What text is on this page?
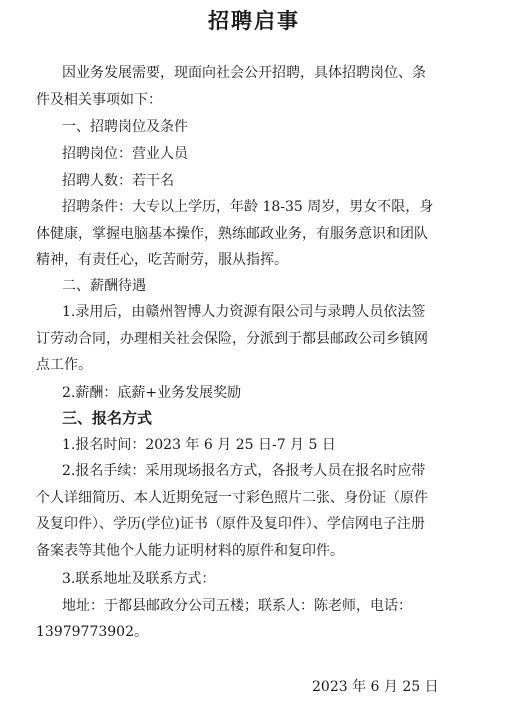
招聘启事
因业务发展需要，现面向社会公开招聘，具体招聘岗位、条
件及相关事项如下：
一、招聘岗位及条件
招聘岗位：营业人员
招聘人数：若干名
招聘条件：大专以上学历，年龄 18-35 周岁，男女不限，身
体健康，掌握电脑基本操作，熟练邮政业务，有服务意识和团队
精神，有责任心，吃苦耐劳，服从指挥。
二、薪酬待遇
1.录用后，由赣州智博人力资源有限公司与录聘人员依法签
订劳动合同，办理相关社会保险，分派到于都县邮政公司乡镇网
点工作。
2.薪酬：底薪+业务发展奖励
三、报名方式
1.报名时间：2023 年 6 月 25 日-7 月 5 日
2.报名手续：采用现场报名方式，各报考人员在报名时应带
个人详细简历、本人近期免冠一寸彩色照片二张、身份证（原件
及复印件）、学历(学位)证书（原件及复印件）、学信网电子注册
备案表等其他个人能力证明材料的原件和复印件。
3.联系地址及联系方式：
地址：于都县邮政分公司五楼；联系人：陈老师，电话：
13979773902。
2023 年 6 月 25 日
